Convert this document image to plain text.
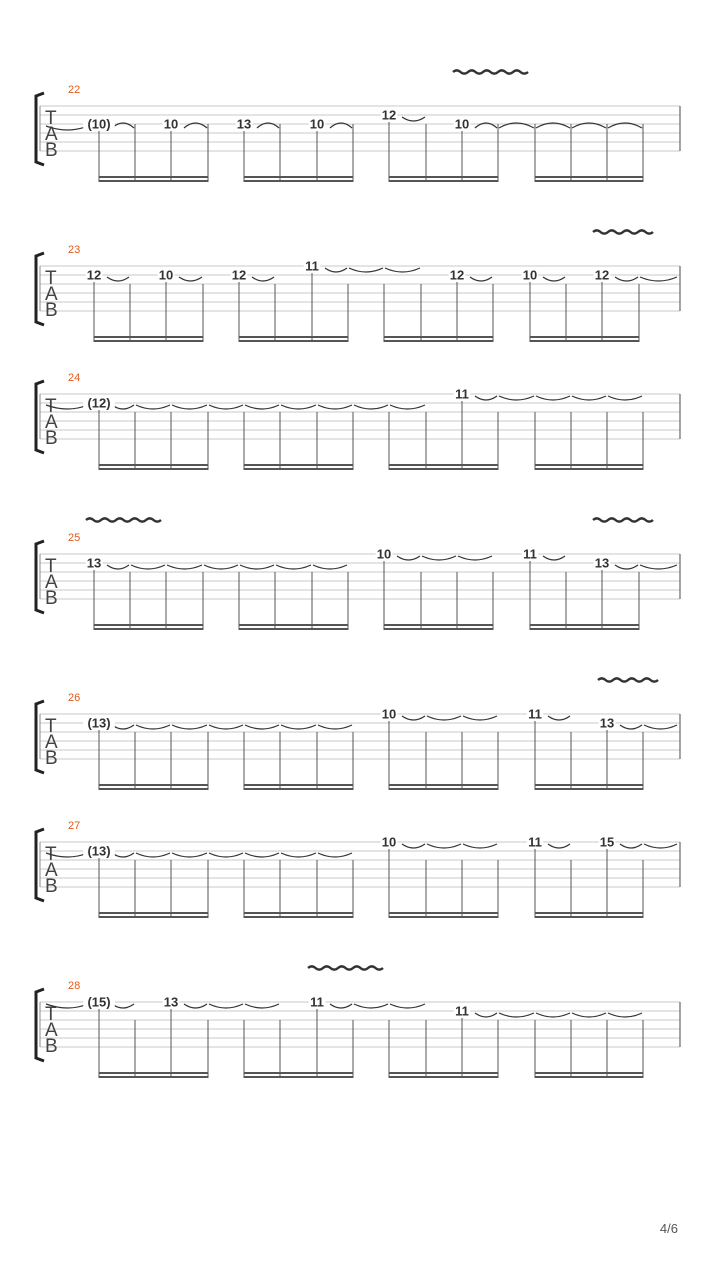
T
A
B
22
(10)	10	13	10
12
10
T
A
B
23
12	10	12
11
12	10	12
T
A
B
24
(12)
11
T
A
B
25
13
10	11
13
T
A
B
26
(13)
10	11
13
T
A
B
27
(13)
10	11	15
T
A
B
28
(15)	13	11
11
4/6
